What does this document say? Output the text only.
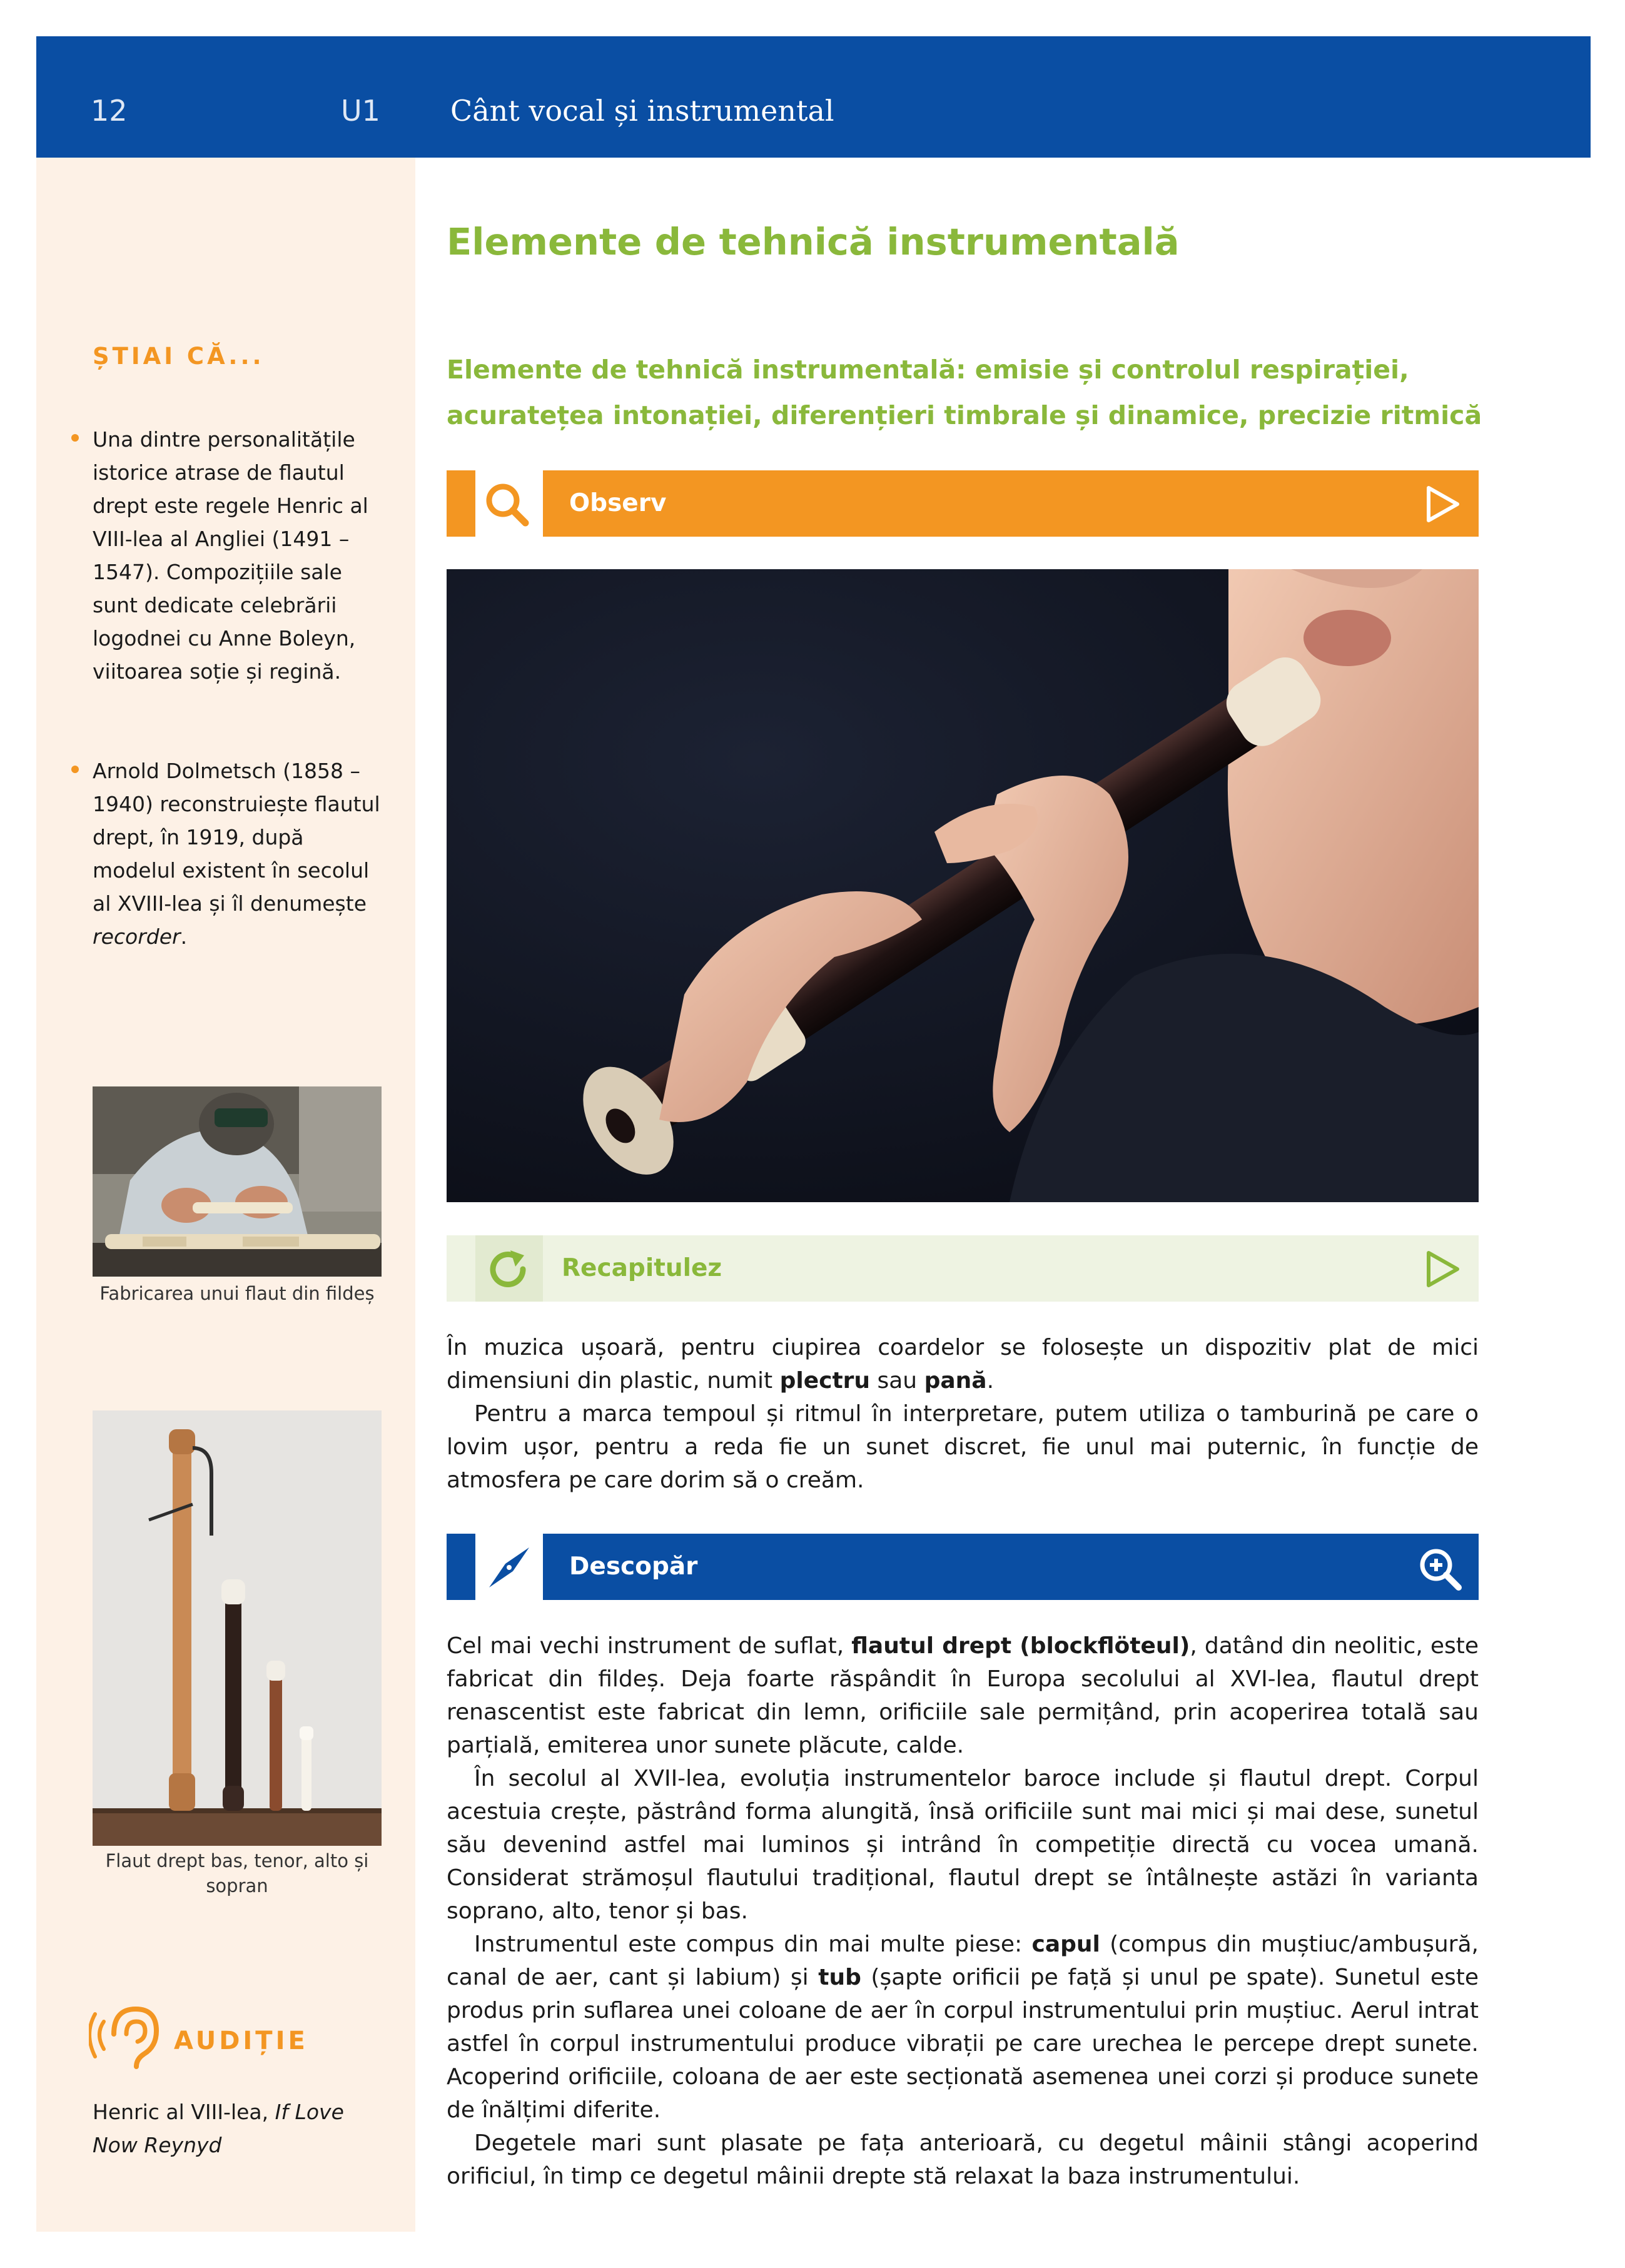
12	U1 Cânt vocal și instrumental
ȘTIAI CĂ...
Una dintre personalitățile istorice atrase de flautul drept este regele Henric al VIII-lea al Angliei (1491 – 1547). Compozițiile sale sunt dedicate celebrării logodnei cu Anne Boleyn, viitoarea soție și regină.
Arnold Dolmetsch (1858 – 1940) reconstruiește flautul drept, în 1919, după modelul existent în secolul al XVIII-lea și îl denumește recorder.
Fabricarea unui flaut din fildeș
Flaut drept bas, tenor, alto și sopran
AUDIȚIE
Henric al VIII-lea, If Love Now Reynyd
Elemente de tehnică instrumentală
Elemente de tehnică instrumentală: emisie și controlul respirației, acuratețea intonației, diferențieri timbrale și dinamice, precizie ritmică
Observ
Recapitulez

În muzica ușoară, pentru ciupirea coardelor se folosește un dispozitiv plat de mici dimensiuni din plastic, numit plectru sau pană.

Pentru a marca tempoul și ritmul în interpretare, putem utiliza o tamburină pe care o lovim ușor, pentru a reda fie un sunet discret, fie unul mai puternic, în funcție de atmosfera pe care dorim să o creăm.

Descopăr

Cel mai vechi instrument de suflat, flautul drept (blockflöteul), datând din neolitic, este fabricat din fildeș. Deja foarte răspândit în Europa secolului al XVI-lea, flautul drept renascentist este fabricat din lemn, orificiile sale permițând, prin acoperirea totală sau parțială, emiterea unor sunete plăcute, calde.

În secolul al XVII-lea, evoluția instrumentelor baroce include și flautul drept. Corpul acestuia crește, păstrând forma alungită, însă orificiile sunt mai mici și mai dese, sunetul său devenind astfel mai luminos și intrând în competiție directă cu vocea umană. Considerat strămoșul flautului tradițional, flautul drept se întâlnește astăzi în varianta soprano, alto, tenor și bas.

Instrumentul este compus din mai multe piese: capul (compus din muștiuc/ambușură, canal de aer, cant și labium) și tub (șapte orificii pe față și unul pe spate). Sunetul este produs prin suflarea unei coloane de aer în corpul instrumentului prin muștiuc. Aerul intrat astfel în corpul instrumentului produce vibrații pe care urechea le percepe drept sunete. Acoperind orificiile, coloana de aer este secționată asemenea unei corzi și produce sunete de înălțimi diferite.

Degetele mari sunt plasate pe fața anterioară, cu degetul mâinii stângi acoperind orificiul, în timp ce degetul mâinii drepte stă relaxat la baza instrumentului.
